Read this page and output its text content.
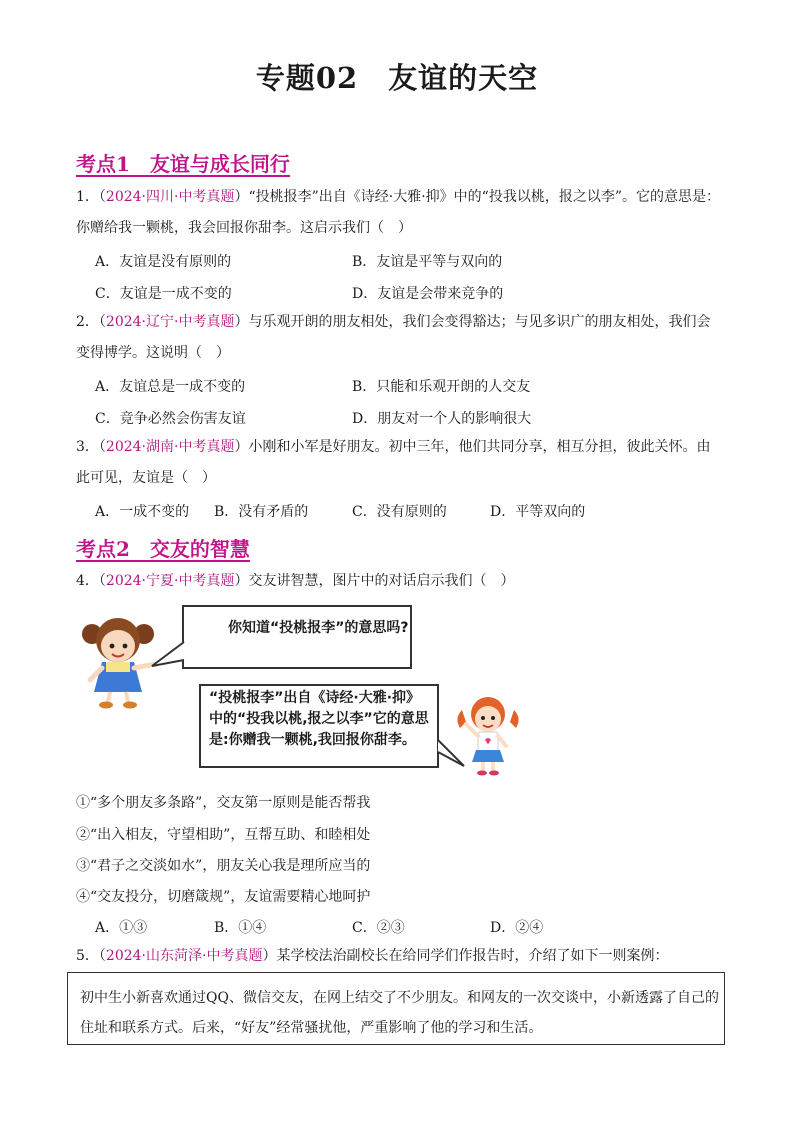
专题02　友谊的天空
考点1　友谊与成长同行
1．（2024·四川·中考真题）“投桃报李”出自《诗经·大雅·抑》中的“投我以桃，报之以李”。它的意思是：你赠给我一颗桃，我会回报你甜李。这启示我们（　）
A．友谊是没有原则的	B．友谊是平等与双向的
C．友谊是一成不变的	D．友谊是会带来竞争的
2．（2024·辽宁·中考真题）与乐观开朗的朋友相处，我们会变得豁达；与见多识广的朋友相处，我们会变得博学。这说明（　）
A．友谊总是一成不变的	B．只能和乐观开朗的人交友
C．竞争必然会伤害友谊	D．朋友对一个人的影响很大
3．（2024·湖南·中考真题）小刚和小军是好朋友。初中三年，他们共同分享，相互分担，彼此关怀。由此可见，友谊是（　）
A．一成不变的 B．没有矛盾的	C．没有原则的	D．平等双向的
考点2　交友的智慧
4．（2024·宁夏·中考真题）交友讲智慧，图片中的对话启示我们（　）
你知道“投桃报李”的意思吗?
“投桃报李”出自《诗经·大雅·抑》中的“投我以桃,报之以李”它的意思是:你赠我一颗桃,我回报你甜李。
①“多个朋友多条路”，交友第一原则是能否帮我
②“出入相友，守望相助”，互帮互助、和睦相处
③“君子之交淡如水”，朋友关心我是理所应当的
④“交友投分，切磨箴规”，友谊需要精心地呵护
A．①③	B．①④	C．②③	D．②④
5．（2024·山东菏泽·中考真题）某学校法治副校长在给同学们作报告时，介绍了如下一则案例：
初中生小新喜欢通过QQ、微信交友，在网上结交了不少朋友。和网友的一次交谈中，小新透露了自己的住址和联系方式。后来，“好友”经常骚扰他，严重影响了他的学习和生活。
